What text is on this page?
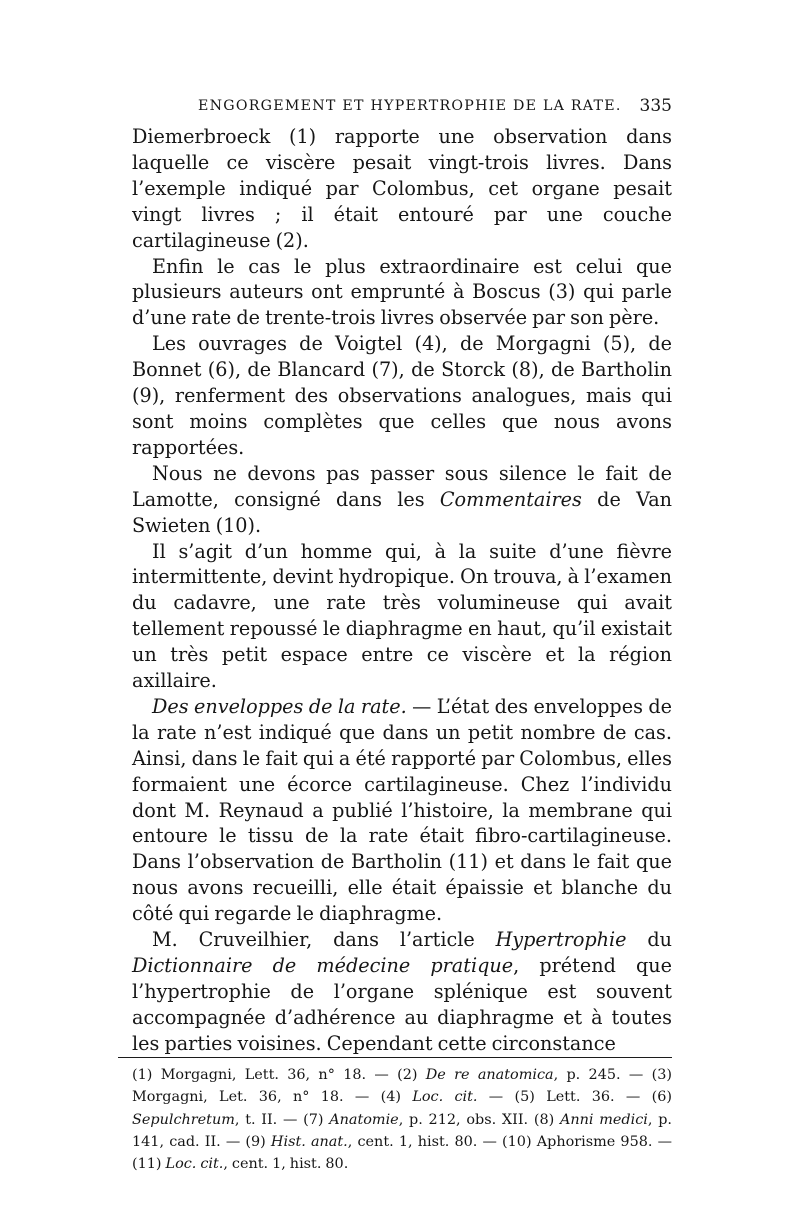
ENGORGEMENT ET HYPERTROPHIE DE LA RATE. 335

Diemerbroeck (1) rapporte une observation dans laquelle ce viscère pesait vingt-trois livres. Dans l’exemple indiqué par Colombus, cet organe pesait vingt livres ; il était entouré par une couche cartilagineuse (2).

Enfin le cas le plus extraordinaire est celui que plusieurs auteurs ont emprunté à Boscus (3) qui parle d’une rate de trente-trois livres observée par son père.

Les ouvrages de Voigtel (4), de Morgagni (5), de Bonnet (6), de Blancard (7), de Storck (8), de Bartholin (9), renferment des observations analogues, mais qui sont moins complètes que celles que nous avons rapportées.

Nous ne devons pas passer sous silence le fait de Lamotte, consigné dans les Commentaires de Van Swieten (10).

Il s’agit d’un homme qui, à la suite d’une fièvre intermittente, devint hydropique. On trouva, à l’examen du cadavre, une rate très volumineuse qui avait tellement repoussé le diaphragme en haut, qu’il existait un très petit espace entre ce viscère et la région axillaire.

Des enveloppes de la rate. — L’état des enveloppes de la rate n’est indiqué que dans un petit nombre de cas. Ainsi, dans le fait qui a été rapporté par Colombus, elles formaient une écorce cartilagineuse. Chez l’individu dont M. Reynaud a publié l’histoire, la membrane qui entoure le tissu de la rate était fibro-cartilagineuse. Dans l’observation de Bartholin (11) et dans le fait que nous avons recueilli, elle était épaissie et blanche du côté qui regarde le diaphragme.

M. Cruveilhier, dans l’article Hypertrophie du Dictionnaire de médecine pratique, prétend que l’hypertrophie de l’organe splénique est souvent accompagnée d’adhérence au diaphragme et à toutes les parties voisines. Cependant cette circonstance

(1) Morgagni, Lett. 36, n° 18. — (2) De re anatomica, p. 245. — (3) Morgagni, Let. 36, n° 18. — (4) Loc. cit. — (5) Lett. 36. — (6) Sepulchretum, t. II. — (7) Anatomie, p. 212, obs. XII. (8) Anni medici, p. 141, cad. II. — (9) Hist. anat., cent. 1, hist. 80. — (10) Aphorisme 958. — (11) Loc. cit., cent. 1, hist. 80.
